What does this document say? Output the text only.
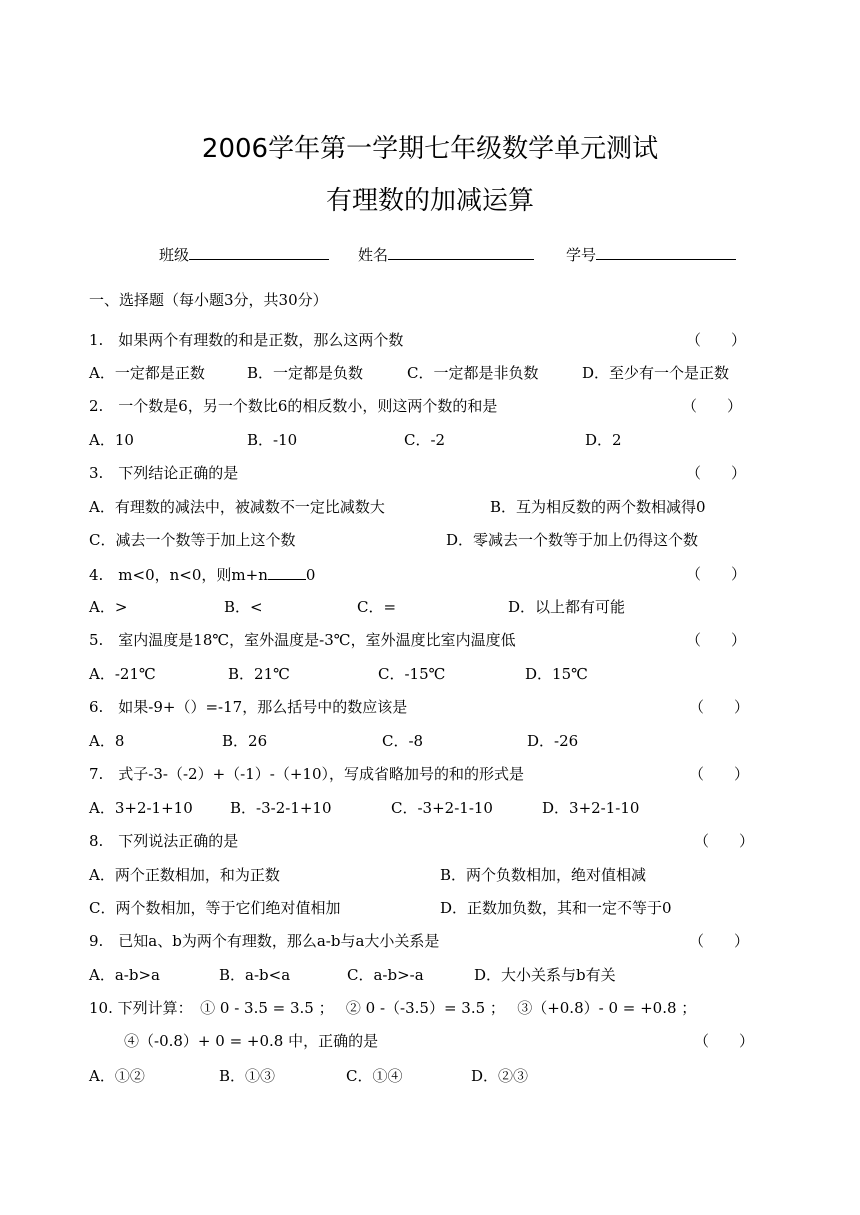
2006学年第一学期七年级数学单元测试
有理数的加减运算
班级	姓名	学号
一、选择题（每小题3分，共30分）
1.　如果两个有理数的和是正数，那么这两个数	（　　）
A．一定都是正数	B．一定都是负数	C．一定都是非负数	D．至少有一个是正数
2.　一个数是6，另一个数比6的相反数小，则这两个数的和是	（　　）
A．10	B．-10	C．-2	D．2
3.　下列结论正确的是	（　　）
A．有理数的减法中，被减数不一定比减数大	B．互为相反数的两个数相减得0
C．减去一个数等于加上这个数	D．零减去一个数等于加上仍得这个数
4.　m<0，n<0，则m+n	0	（　　）
A．>	B．<	C．=	D．以上都有可能
5.　室内温度是18℃，室外温度是-3℃，室外温度比室内温度低	（　　）
A．-21℃	B．21℃	C．-15℃	D．15℃
6.　如果-9+（）=-17，那么括号中的数应该是	（　　）
A．8	B．26	C．-8	D．-26
7.　式子-3-（-2）+（-1）-（+10），写成省略加号的和的形式是	（　　）
A．3+2-1+10 B．-3-2-1+10	C．-3+2-1-10	D．3+2-1-10
8.　下列说法正确的是	（　　）
A．两个正数相加，和为正数	B．两个负数相加，绝对值相减
C．两个数相加，等于它们绝对值相加	D．正数加负数，其和一定不等于0
9.　已知a、b为两个有理数，那么a-b与a大小关系是	（　　）
A．a-b>a	B．a-b<a	C．a-b>-a	D．大小关系与b有关
10. 下列计算：　① 0 - 3.5 = 3.5 ；　 ② 0 -（-3.5）= 3.5 ；　 ③（+0.8）- 0 = +0.8 ；
④（-0.8）+ 0 = +0.8 中，正确的是	（　　）
A．①②	B．①③	C．①④	D．②③
